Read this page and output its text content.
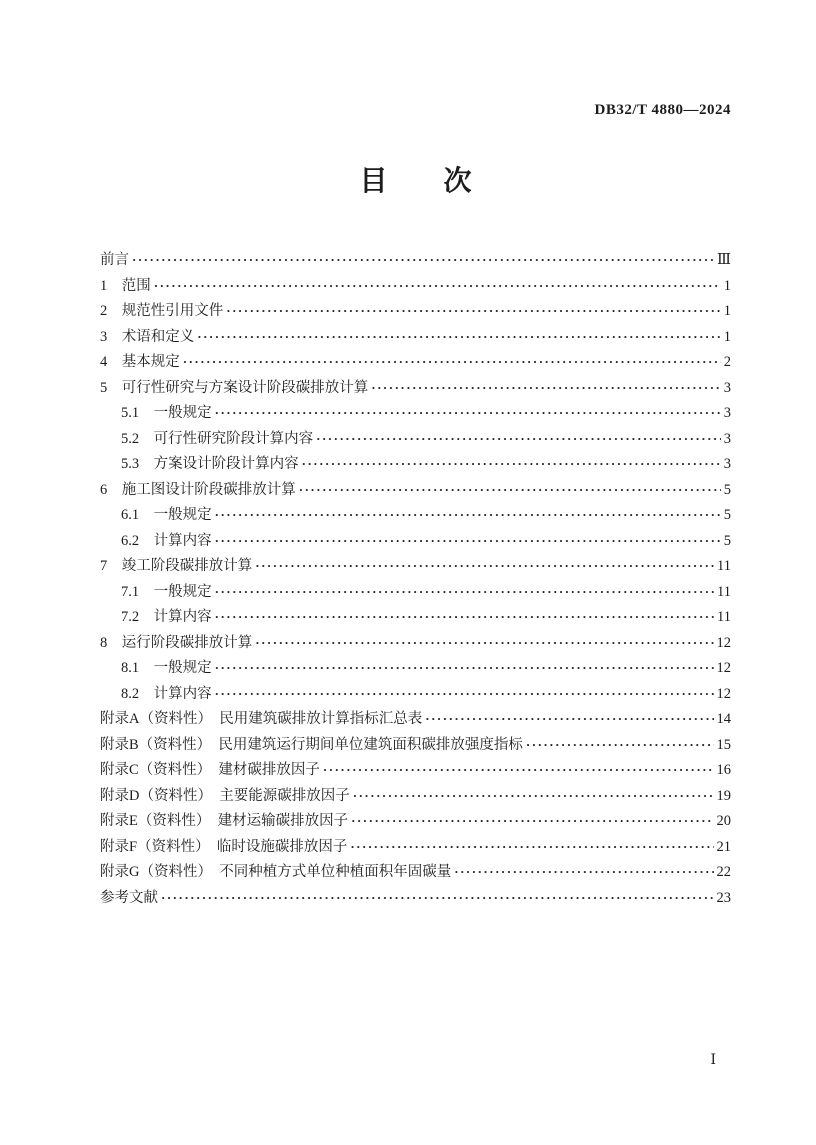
DB32/T 4880—2024
目　次
前言 ·····	Ⅲ
1　范围 ·····	1
2　规范性引用文件 ·····	1
3　术语和定义 ·····	1
4　基本规定 ·····	2
5　可行性研究与方案设计阶段碳排放计算 ·····	3
5.1　一般规定 ·····	3
5.2　可行性研究阶段计算内容 ·····	3
5.3　方案设计阶段计算内容 ·····	3
6　施工图设计阶段碳排放计算 ·····	5
6.1　一般规定 ·····	5
6.2　计算内容 ·····	5
7　竣工阶段碳排放计算 ·····	11
7.1　一般规定 ·····	11
7.2　计算内容 ·····	11
8　运行阶段碳排放计算 ·····	12
8.1　一般规定 ·····	12
8.2　计算内容 ·····	12
附录A（资料性）　民用建筑碳排放计算指标汇总表 ·····	14
附录B（资料性）　民用建筑运行期间单位建筑面积碳排放强度指标 ·····	15
附录C（资料性）　建材碳排放因子 ·····	16
附录D（资料性）　主要能源碳排放因子 ·····	19
附录E（资料性）　建材运输碳排放因子 ·····	20
附录F（资料性）　临时设施碳排放因子 ·····	21
附录G（资料性）　不同种植方式单位种植面积年固碳量 ·····	22
参考文献 ·····	23
Ⅰ
